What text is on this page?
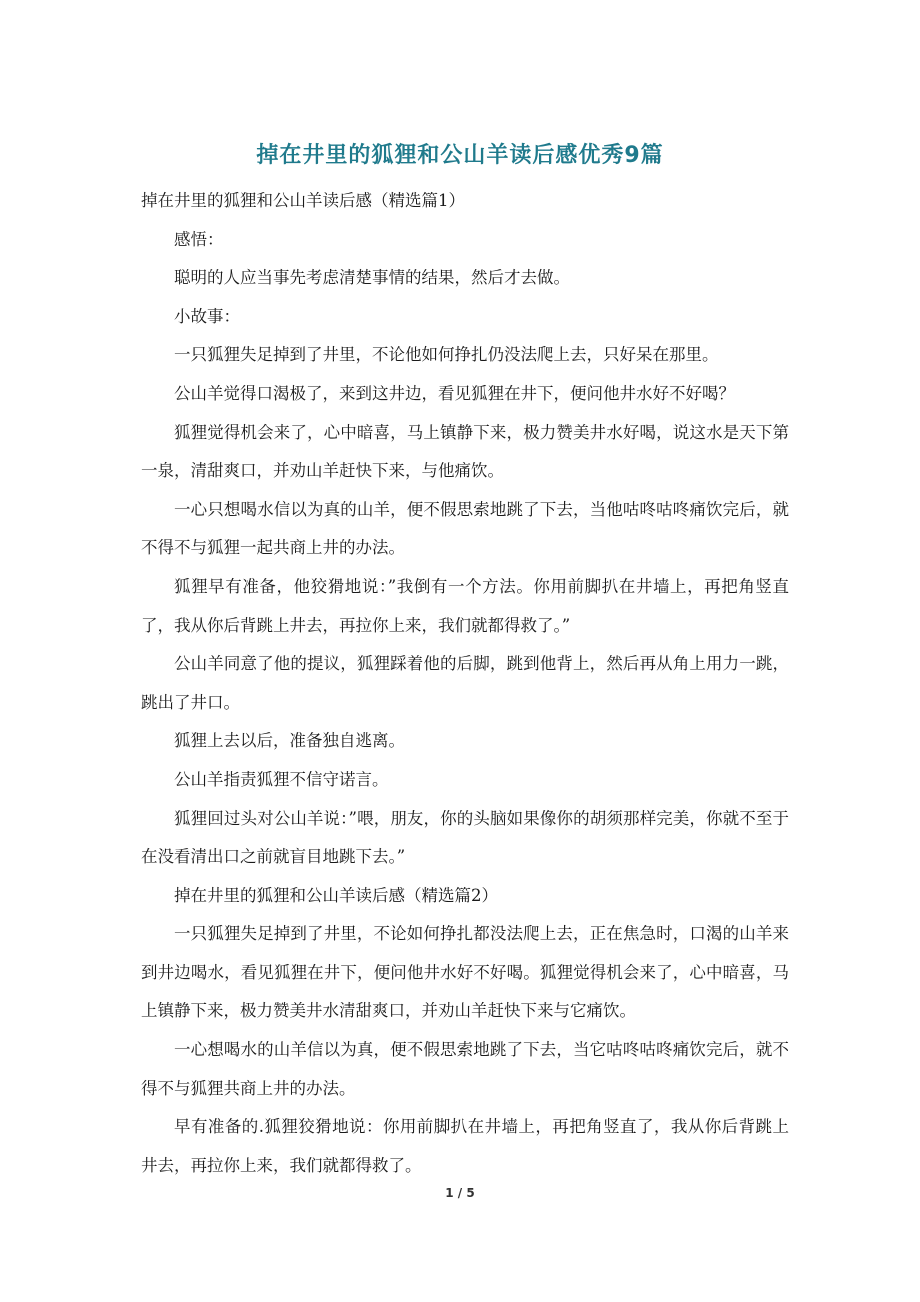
掉在井里的狐狸和公山羊读后感优秀9篇

掉在井里的狐狸和公山羊读后感（精选篇1）

感悟：

聪明的人应当事先考虑清楚事情的结果，然后才去做。

小故事：

一只狐狸失足掉到了井里，不论他如何挣扎仍没法爬上去，只好呆在那里。

公山羊觉得口渴极了，来到这井边，看见狐狸在井下，便问他井水好不好喝？

狐狸觉得机会来了，心中暗喜，马上镇静下来，极力赞美井水好喝，说这水是天下第一泉，清甜爽口，并劝山羊赶快下来，与他痛饮。

一心只想喝水信以为真的山羊，便不假思索地跳了下去，当他咕咚咕咚痛饮完后，就不得不与狐狸一起共商上井的办法。

狐狸早有准备，他狡猾地说：”我倒有一个方法。你用前脚扒在井墙上，再把角竖直了，我从你后背跳上井去，再拉你上来，我们就都得救了。”

公山羊同意了他的提议，狐狸踩着他的后脚，跳到他背上，然后再从角上用力一跳，跳出了井口。

狐狸上去以后，准备独自逃离。

公山羊指责狐狸不信守诺言。

狐狸回过头对公山羊说：”喂，朋友，你的头脑如果像你的胡须那样完美，你就不至于在没看清出口之前就盲目地跳下去。”

掉在井里的狐狸和公山羊读后感（精选篇2）

一只狐狸失足掉到了井里，不论如何挣扎都没法爬上去，正在焦急时，口渴的山羊来到井边喝水，看见狐狸在井下，便问他井水好不好喝。狐狸觉得机会来了，心中暗喜，马上镇静下来，极力赞美井水清甜爽口，并劝山羊赶快下来与它痛饮。

一心想喝水的山羊信以为真，便不假思索地跳了下去，当它咕咚咕咚痛饮完后，就不得不与狐狸共商上井的办法。

早有准备的.狐狸狡猾地说：你用前脚扒在井墙上，再把角竖直了，我从你后背跳上井去，再拉你上来，我们就都得救了。

1 / 5
